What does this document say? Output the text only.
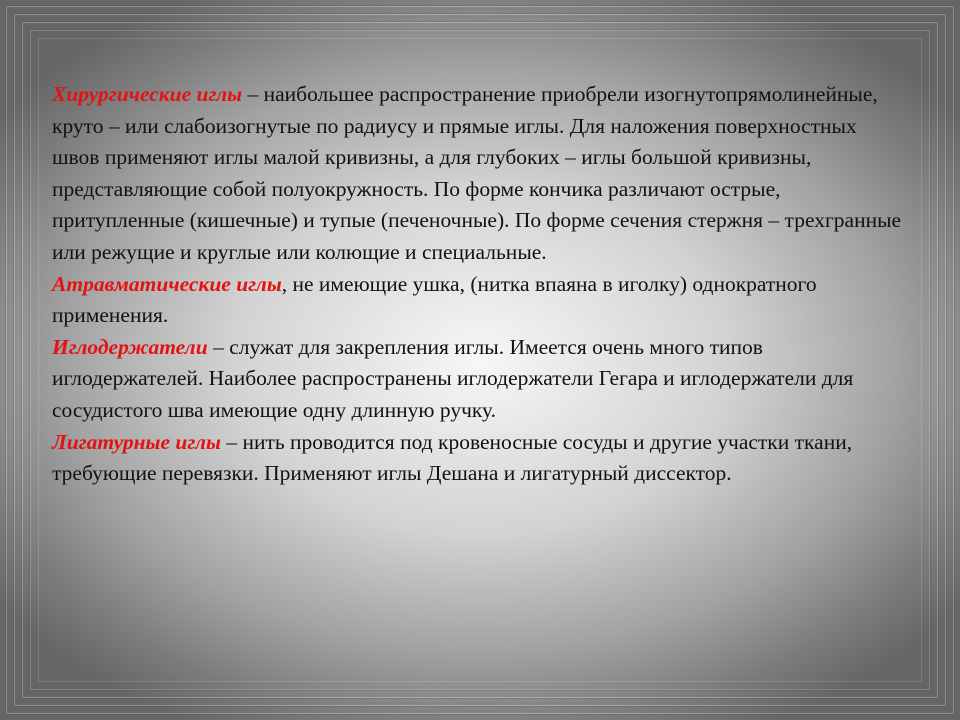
Хирургические иглы – наибольшее распространение приобрели изогнутопрямолинейные, круто – или слабоизогнутые по радиусу и прямые иглы. Для наложения поверхностных швов применяют иглы малой кривизны, а для глубоких – иглы большой кривизны, представляющие собой полуокружность. По форме кончика различают острые, притупленные (кишечные) и тупые (печеночные). По форме сечения стержня – трехгранные или режущие и круглые или колющие и специальные.

Атравматические иглы, не имеющие ушка, (нитка впаяна в иголку) однократного применения.

Иглодержатели – служат для закрепления иглы. Имеется очень много типов иглодержателей. Наиболее распространены иглодержатели Гегара и иглодержатели для сосудистого шва имеющие одну длинную ручку.

Лигатурные иглы – нить проводится под кровеносные сосуды и другие участки ткани, требующие перевязки. Применяют иглы Дешана и лигатурный диссектор.
